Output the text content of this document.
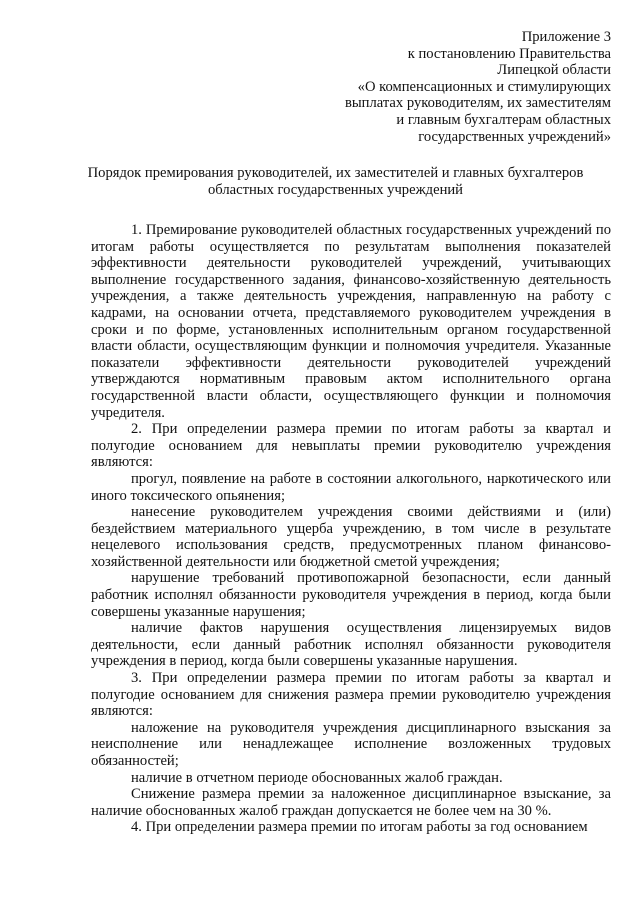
Приложение 3
к постановлению Правительства
Липецкой области
«О компенсационных и стимулирующих
выплатах руководителям, их заместителям
и главным бухгалтерам областных
государственных учреждений»
Порядок премирования руководителей, их заместителей и главных бухгалтеров
областных государственных учреждений

1. Премирование руководителей областных государственных учреждений по итогам работы осуществляется по результатам выполнения показателей эффективности деятельности руководителей учреждений, учитывающих выполнение государственного задания, финансово-хозяйственную деятельность учреждения, а также деятельность учреждения, направленную на работу с кадрами, на основании отчета, представляемого руководителем учреждения в сроки и по форме, установленных исполнительным органом государственной власти области, осуществляющим функции и полномочия учредителя. Указанные показатели эффективности деятельности руководителей учреждений утверждаются нормативным правовым актом исполнительного органа государственной власти области, осуществляющего функции и полномочия учредителя.

2. При определении размера премии по итогам работы за квартал и полугодие основанием для невыплаты премии руководителю учреждения являются:

прогул, появление на работе в состоянии алкогольного, наркотического или иного токсического опьянения;

нанесение руководителем учреждения своими действиями и (или) бездействием материального ущерба учреждению, в том числе в результате нецелевого использования средств, предусмотренных планом финансово-хозяйственной деятельности или бюджетной сметой учреждения;

нарушение требований противопожарной безопасности, если данный работник исполнял обязанности руководителя учреждения в период, когда были совершены указанные нарушения;

наличие фактов нарушения осуществления лицензируемых видов деятельности, если данный работник исполнял обязанности руководителя учреждения в период, когда были совершены указанные нарушения.

3. При определении размера премии по итогам работы за квартал и полугодие основанием для снижения размера премии руководителю учреждения являются:

наложение на руководителя учреждения дисциплинарного взыскания за неисполнение или ненадлежащее исполнение возложенных трудовых обязанностей;

наличие в отчетном периоде обоснованных жалоб граждан.

Снижение размера премии за наложенное дисциплинарное взыскание, за наличие обоснованных жалоб граждан допускается не более чем на 30 %.

4. При определении размера премии по итогам работы за год основанием
